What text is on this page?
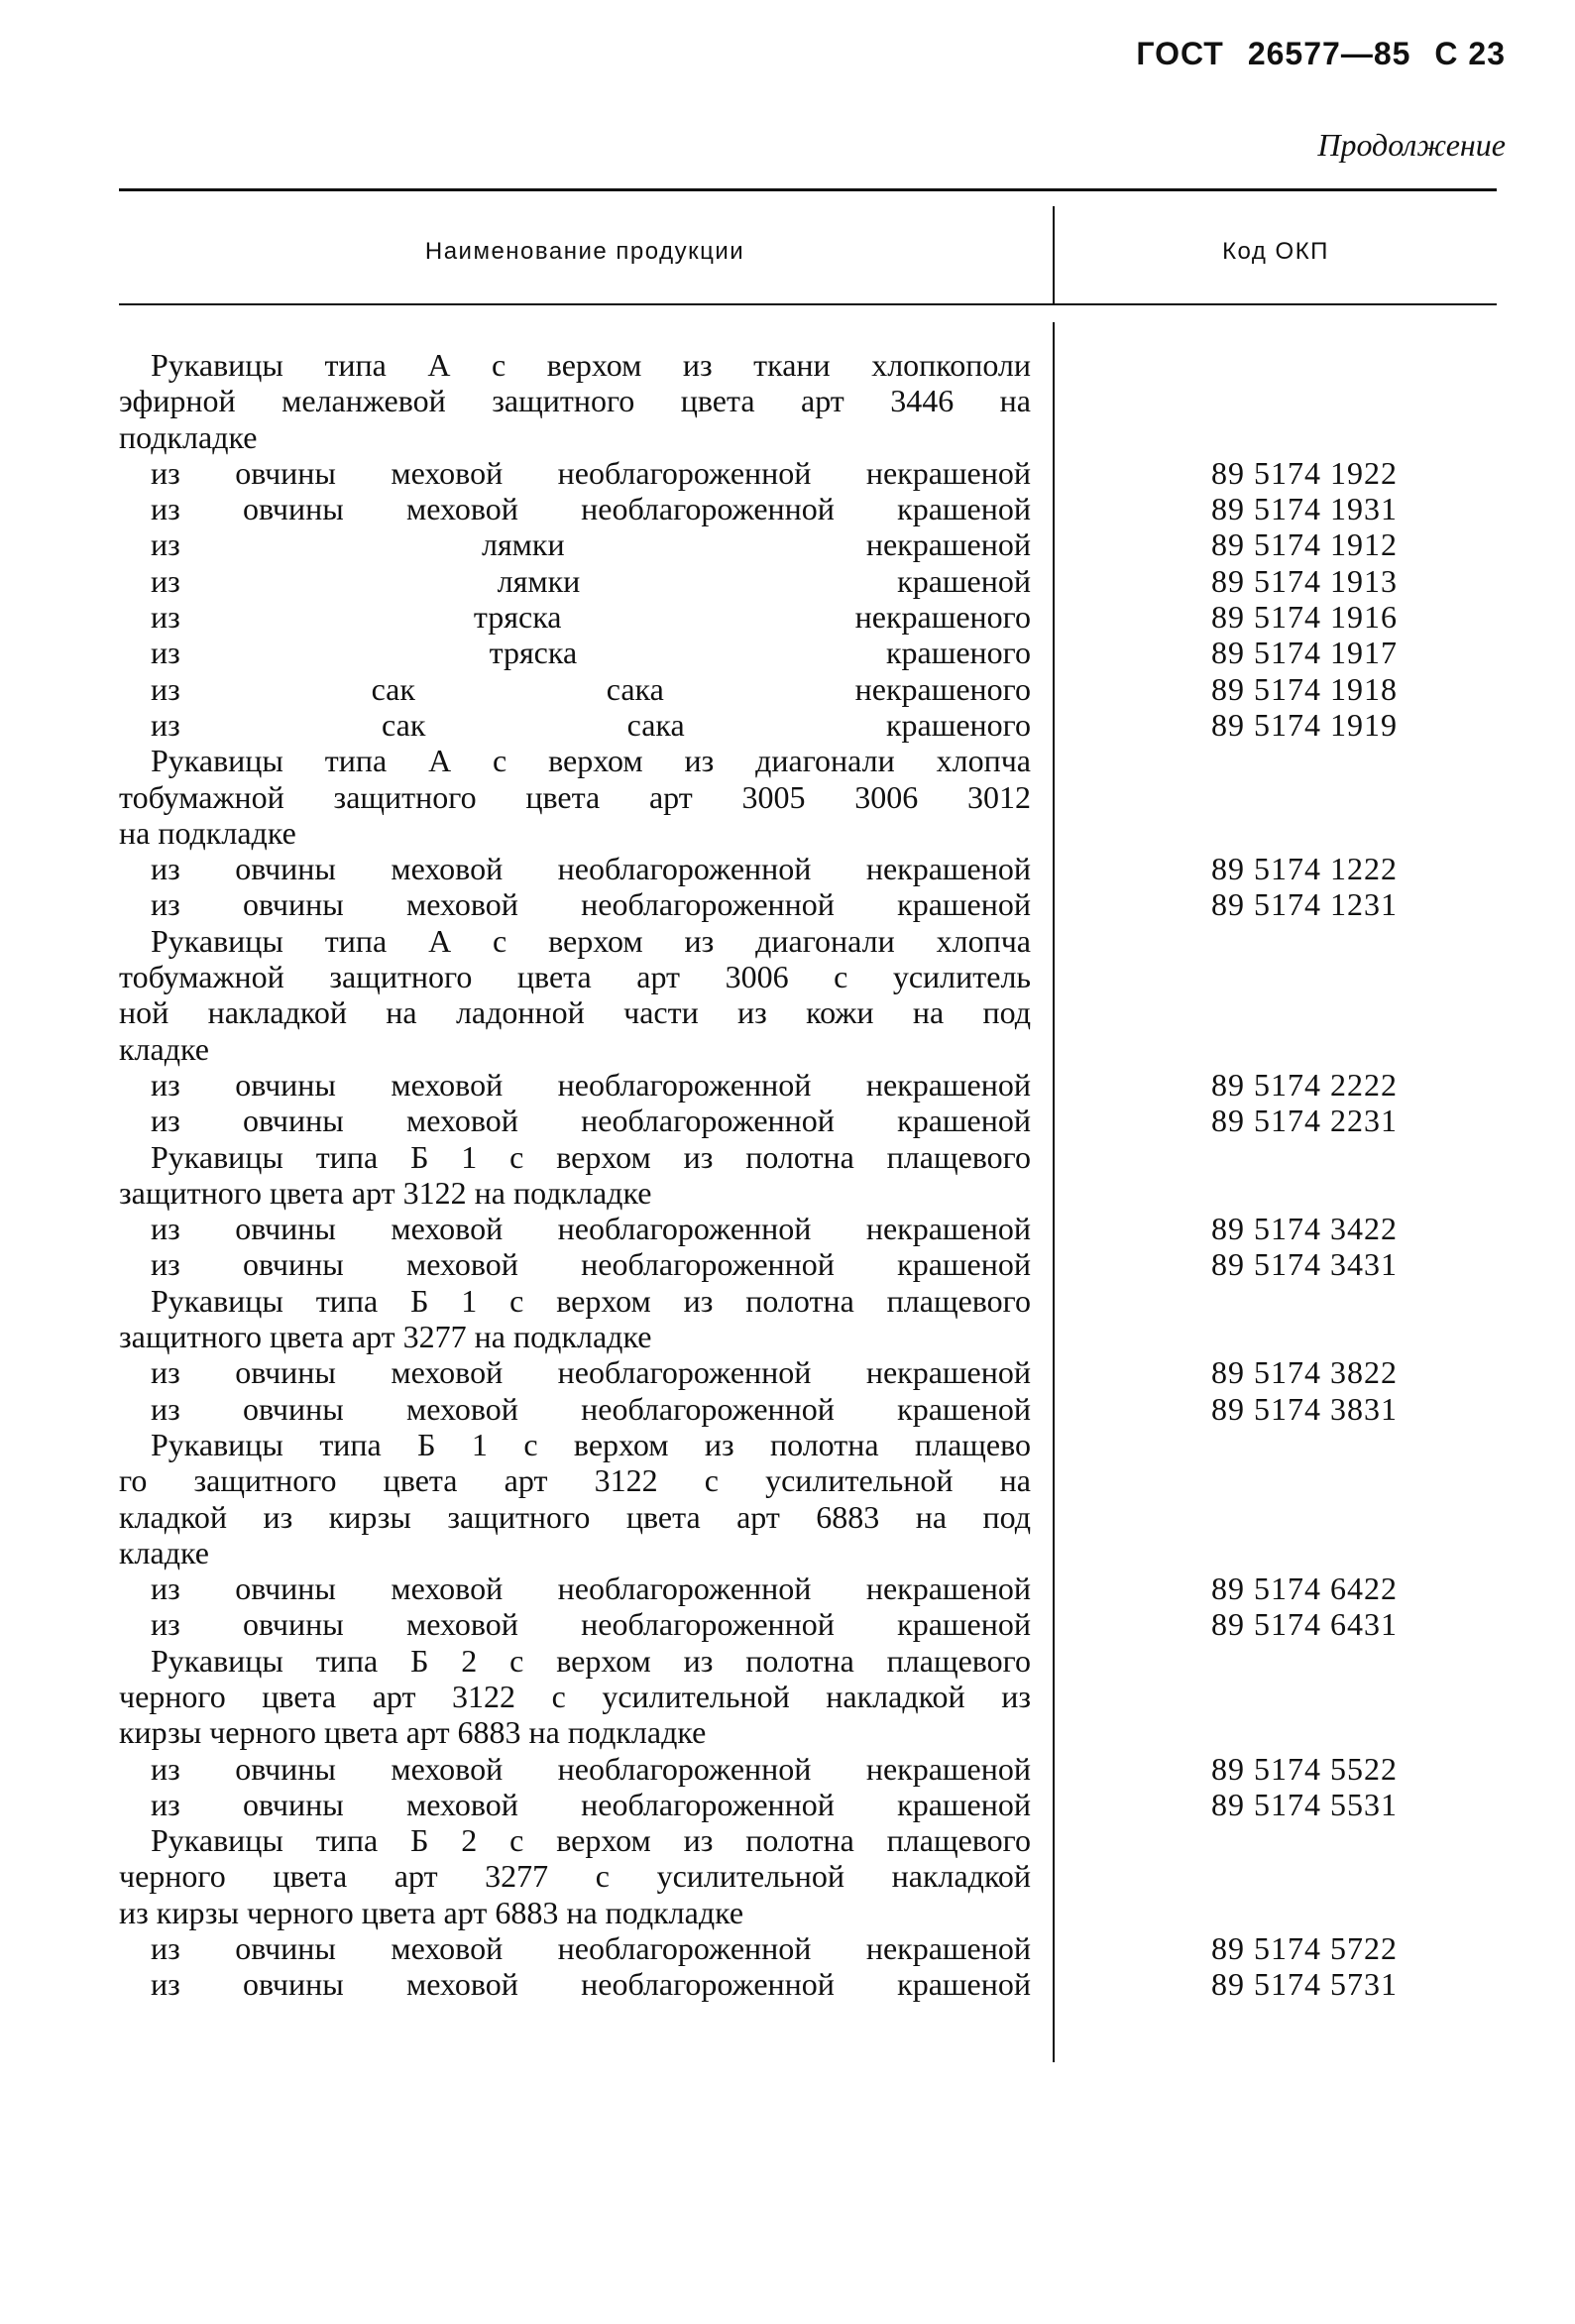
ГОСТ 26577—85 С 23
Продолжение
Наименование продукции	Код ОКП
Рукавицы типа А с верхом из ткани хлопкополи
эфирной меланжевой защитного цвета арт 3446 на
подкладке
из овчины меховой необлагороженной некрашеной	89 5174 1922
из овчины меховой необлагороженной крашеной	89 5174 1931
из лямки некрашеной	89 5174 1912
из лямки крашеной	89 5174 1913
из тряска некрашеного	89 5174 1916
из тряска крашеного	89 5174 1917
из сак сака некрашеного	89 5174 1918
из сак сака крашеного	89 5174 1919
Рукавицы типа А с верхом из диагонали хлопча
тобумажной защитного цвета арт 3005 3006 3012
на подкладке
из овчины меховой необлагороженной некрашеной	89 5174 1222
из овчины меховой необлагороженной крашеной	89 5174 1231
Рукавицы типа А с верхом из диагонали хлопча
тобумажной защитного цвета арт 3006 с усилитель
ной накладкой на ладонной части из кожи на под
кладке
из овчины меховой необлагороженной некрашеной	89 5174 2222
из овчины меховой необлагороженной крашеной	89 5174 2231
Рукавицы типа Б 1 с верхом из полотна плащевого
защитного цвета арт 3122 на подкладке
из овчины меховой необлагороженной некрашеной	89 5174 3422
из овчины меховой необлагороженной крашеной	89 5174 3431
Рукавицы типа Б 1 с верхом из полотна плащевого
защитного цвета арт 3277 на подкладке
из овчины меховой необлагороженной некрашеной	89 5174 3822
из овчины меховой необлагороженной крашеной	89 5174 3831
Рукавицы типа Б 1 с верхом из полотна плащево
го защитного цвета арт 3122 с усилительной на
кладкой из кирзы защитного цвета арт 6883 на под
кладке
из овчины меховой необлагороженной некрашеной	89 5174 6422
из овчины меховой необлагороженной крашеной	89 5174 6431
Рукавицы типа Б 2 с верхом из полотна плащевого
черного цвета арт 3122 с усилительной накладкой из
кирзы черного цвета арт 6883 на подкладке
из овчины меховой необлагороженной некрашеной	89 5174 5522
из овчины меховой необлагороженной крашеной	89 5174 5531
Рукавицы типа Б 2 с верхом из полотна плащевого
черного цвета арт 3277 с усилительной накладкой
из кирзы черного цвета арт 6883 на подкладке
из овчины меховой необлагороженной некрашеной	89 5174 5722
из овчины меховой необлагороженной крашеной	89 5174 5731
